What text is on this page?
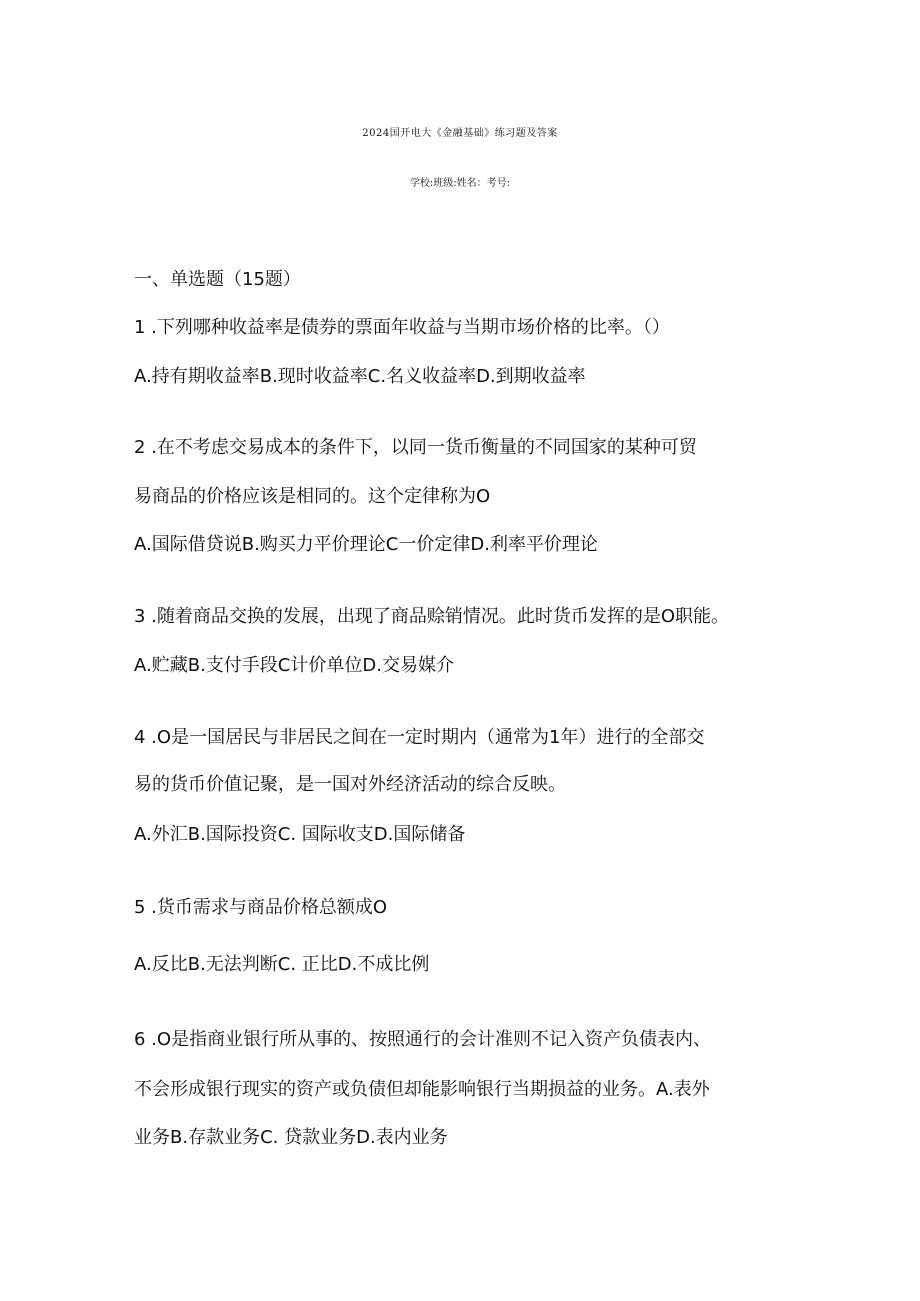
2024国开电大《金融基础》练习题及答案
学校:班级:姓名：考号:
一、单选题（15题）
1 .下列哪种收益率是债券的票面年收益与当期市场价格的比率。（）
A.持有期收益率B.现时收益率C.名义收益率D.到期收益率
2 .在不考虑交易成本的条件下，以同一货币衡量的不同国家的某种可贸
易商品的价格应该是相同的。这个定律称为O
A.国际借贷说B.购买力平价理论C一价定律D.利率平价理论
3 .随着商品交换的发展，出现了商品赊销情况。此时货币发挥的是O职能。
A.贮藏B.支付手段C计价单位D.交易媒介
4 .O是一国居民与非居民之间在一定时期内（通常为1年）进行的全部交
易的货币价值记聚，是一国对外经济活动的综合反映。
A.外汇B.国际投资C. 国际收支D.国际储备
5 .货币需求与商品价格总额成O
A.反比B.无法判断C. 正比D.不成比例
6 .O是指商业银行所从事的、按照通行的会计准则不记入资产负债表内、
不会形成银行现实的资产或负债但却能影响银行当期损益的业务。A.表外
业务B.存款业务C. 贷款业务D.表内业务
